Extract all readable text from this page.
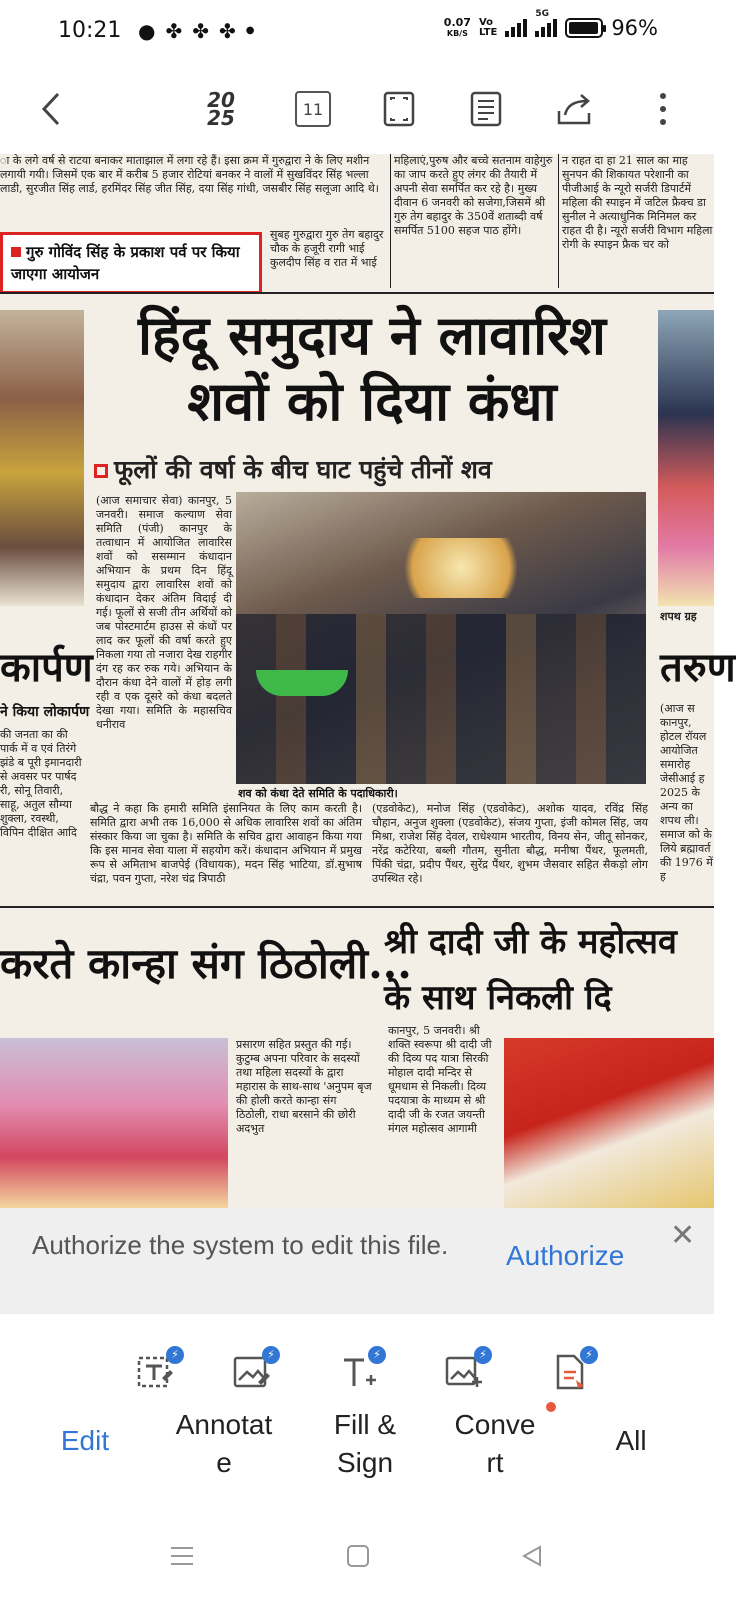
10:21 ● ✤ ✤ ✤ ●
0.07
KB/S
Vo
LTE
5G
96%
20
25	11
ा के लगे वर्ष से राटया बनाकर माताझाल में लगा रहे हैं। इसा क्रम में गुरुद्वारा ने के लिए मशीन लगायी गयी। जिसमें एक बार में करीब 5 हजार रोटियां बनकर ने वालों में सुखविंदर सिंह भल्ला लाडी, सुरजीत सिंह लार्ड, हरमिंदर सिंह जीत सिंह, दया सिंह गांधी, जसबीर सिंह सलूजा आदि थे।
महिलाएं,पुरुष और बच्चे सतनाम वाहेगुरु का जाप करते हुए लंगर की तैयारी में अपनी सेवा समर्पित कर रहे है। मुख्य दीवान 6 जनवरी को सजेगा,जिसमें श्री गुरु तेग बहादुर के 350वें शताब्दी वर्ष समर्पित 5100 सहज पाठ होंगे।
न राहत दा हा 21 साल का माह सुनपन की शिकायत परेशानी का पीजीआई के न्यूरो सर्जरी डिपार्टमें महिला की स्पाइन में जटिल फ्रैक्च डा सुनील ने अत्याधुनिक मिनिमल कर राहत दी है। न्यूरो सर्जरी विभाग महिला रोगी के स्पाइन फ्रैक चर को
गुरु गोविंद सिंह के प्रकाश पर्व पर किया जाएगा आयोजन
सुबह गुरुद्वारा गुरु तेग बहादुर चौक के हजूरी रागी भाई कुलदीप सिंह व रात में भाई
शपथ ग्रह
हिंदू समुदाय ने लावारिश शवों को दिया कंधा
फूलों की वर्षा के बीच घाट पहुंचे तीनों शव
(आज समाचार सेवा) कानपुर, 5 जनवरी। समाज कल्याण सेवा समिति (पंजी) कानपुर के तत्वाधान में आयोजित लावारिस शवों को ससम्मान कंधादान अभियान के प्रथम दिन हिंदू समुदाय द्वारा लावारिस शवों को कंधादान देकर अंतिम विदाई दी गई। फूलों से सजी तीन अर्थियों को जब पोस्टमार्टम हाउस से कंधों पर लाद कर फूलों की वर्षा करते हुए निकला गया तो नजारा देख राहगीर दंग रह कर रुक गये। अभियान के दौरान कंधा देने वालों में होड़ लगी रही व एक दूसरे को कंधा बदलते देखा गया। समिति के महासचिव धनीराव
शव को कंधा देते समिति के पदाधिकारी।
बौद्ध ने कहा कि हमारी समिति इंसानियत के लिए काम करती है। समिति द्वारा अभी तक 16,000 से अधिक लावारिस शवों का अंतिम संस्कार किया जा चुका है। समिति के सचिव द्वारा आवाहन किया गया कि इस मानव सेवा याला में सहयोग करें। कंधादान अभियान में प्रमुख रूप से अमिताभ बाजपेई (विधायक), मदन सिंह भाटिया, डॉ.सुभाष चंद्रा, पवन गुप्ता, नरेश चंद्र त्रिपाठी
(एडवोकेट), मनोज सिंह (एडवोकेट), अशोक यादव, रविंद्र सिंह चौहान, अनुज शुक्ला (एडवोकेट), संजय गुप्ता, इंजी कोमल सिंह, जय मिश्रा, राजेश सिंह देवल, राधेश्याम भारतीय, विनय सेन, जीतू सोनकर, नरेंद्र कटेरिया, बब्ली गौतम, सुनीता बौद्ध, मनीषा पैंथर, फूलमती, पिंकी चंद्रा, प्रदीप पैंथर, सुरेंद्र पैंथर, शुभम जैसवार सहित सैकड़ो लोग उपस्थित रहे।
कार्पण
ने किया लोकार्पण
की जनता का की पार्क में व एवं तिरंगे झंडे ब पूरी इमानदारी से अवसर पर पार्षद री, सोनू तिवारी, साहू, अतुल सौम्या शुक्ला, रवस्थी, विपिन दीक्षित आदि
तरुण
(आज स कानपुर, होटल रॉयल आयोजित समारोह जेसीआई ह 2025 के अन्य का शपथ ली। समाज को के लिये ब्रह्मावर्त की 1976 में ह
करते कान्हा संग ठिठोली...
श्री दादी जी के महोत्सव के साथ निकली दि
प्रसारण सहित प्रस्तुत की गई। कुटुम्ब अपना परिवार के सदस्यों तथा महिला सदस्यों के द्वारा महारास के साथ-साथ 'अनुपम बृज की होली करते कान्हा संग ठिठोली, राधा बरसाने की छोरी अदभुत
कानपुर, 5 जनवरी। श्री शक्ति स्वरूपा श्री दादी जी की दिव्य पद यात्रा सिरकी मोहाल दादी मन्दिर से धूमधाम से निकली। दिव्य पदयात्रा के माध्यम से श्री दादी जी के रजत जयन्ती मंगल महोत्सव आगामी
Authorize the system to edit this file. Authorize
✕
⚡	⚡	⚡	⚡	⚡
Edit
Annotat
e
Fill &
Sign
Conve
rt
All
